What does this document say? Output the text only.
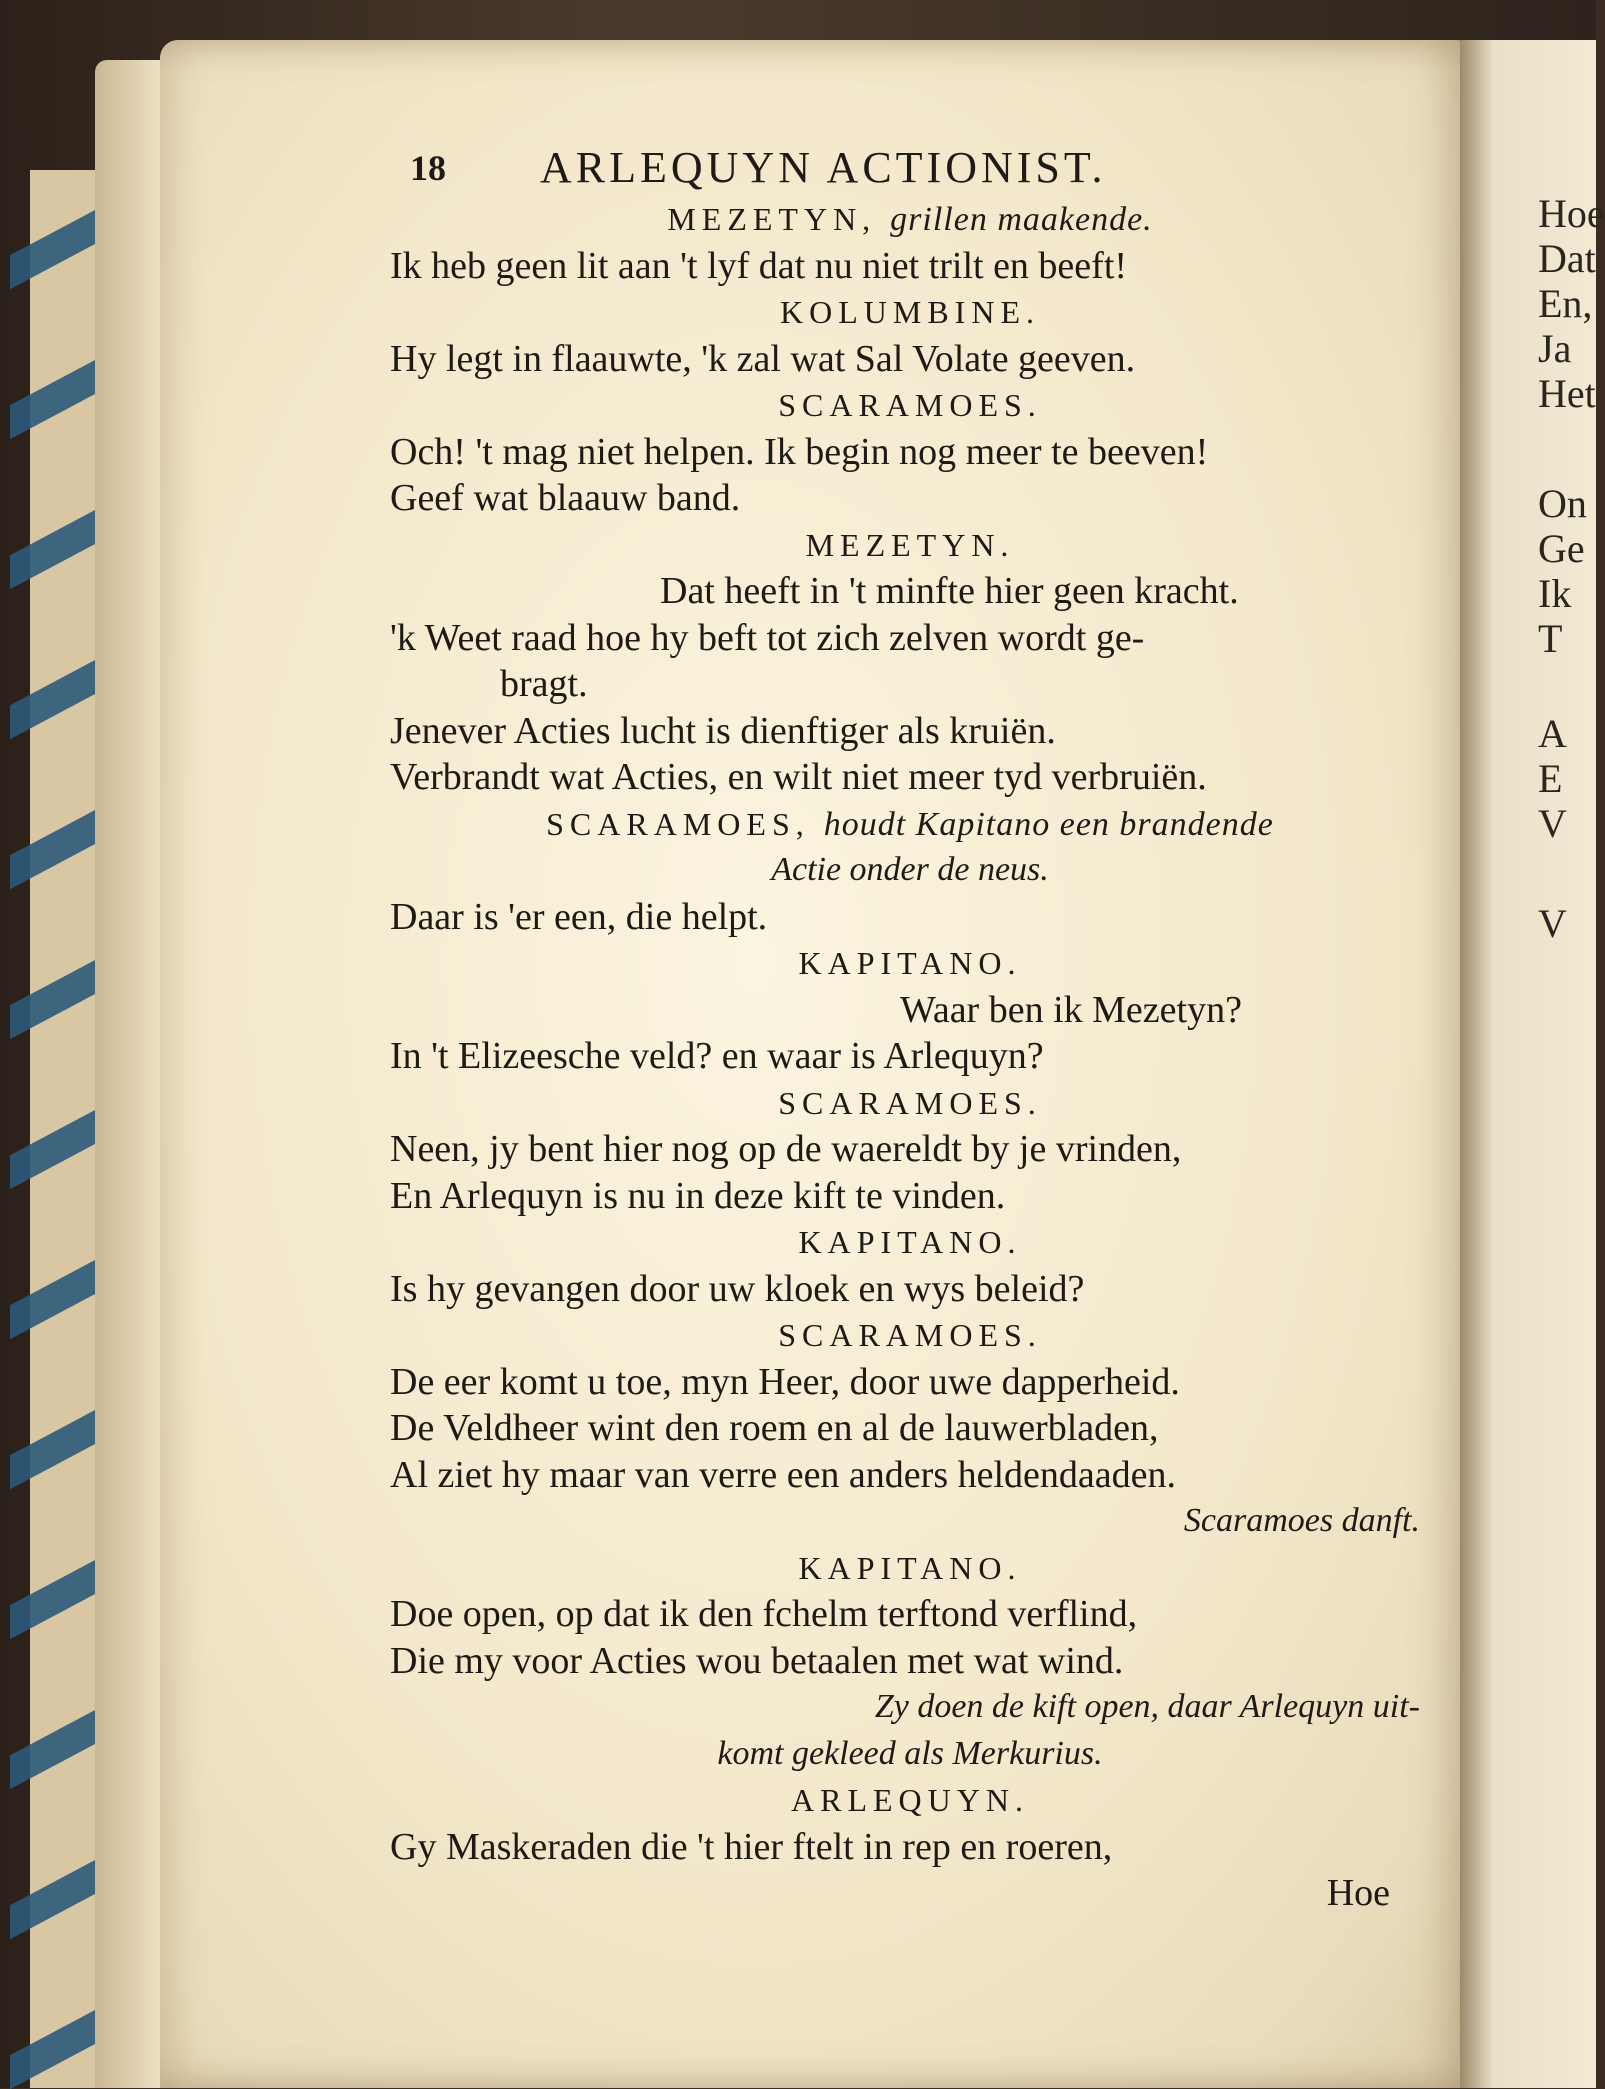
Hoe
Dat
En,
Ja
Het
On
Ge
Ik
T
A
E
V
V
18 ARLEQUYN ACTIONIST.
MEZETYN, grillen maakende.
Ik heb geen lit aan 't lyf dat nu niet trilt en beeft!
KOLUMBINE.
Hy legt in flaauwte, 'k zal wat Sal Volate geeven.
SCARAMOES.
Och! 't mag niet helpen. Ik begin nog meer te beeven!
Geef wat blaauw band.
MEZETYN.
Dat heeft in 't minfte hier geen kracht.
'k Weet raad hoe hy beft tot zich zelven wordt ge-
bragt.
Jenever Acties lucht is dienftiger als kruiën.
Verbrandt wat Acties, en wilt niet meer tyd verbruiën.
SCARAMOES, houdt Kapitano een brandende
Actie onder de neus.
Daar is 'er een, die helpt.
KAPITANO.
Waar ben ik Mezetyn?
In 't Elizeesche veld? en waar is Arlequyn?
SCARAMOES.
Neen, jy bent hier nog op de waereldt by je vrinden,
En Arlequyn is nu in deze kift te vinden.
KAPITANO.
Is hy gevangen door uw kloek en wys beleid?
SCARAMOES.
De eer komt u toe, myn Heer, door uwe dapperheid.
De Veldheer wint den roem en al de lauwerbladen,
Al ziet hy maar van verre een anders heldendaaden.
Scaramoes danft.
KAPITANO.
Doe open, op dat ik den fchelm terftond verflind,
Die my voor Acties wou betaalen met wat wind.
Zy doen de kift open, daar Arlequyn uit-
komt gekleed als Merkurius.
ARLEQUYN.
Gy Maskeraden die 't hier ftelt in rep en roeren,
Hoe
